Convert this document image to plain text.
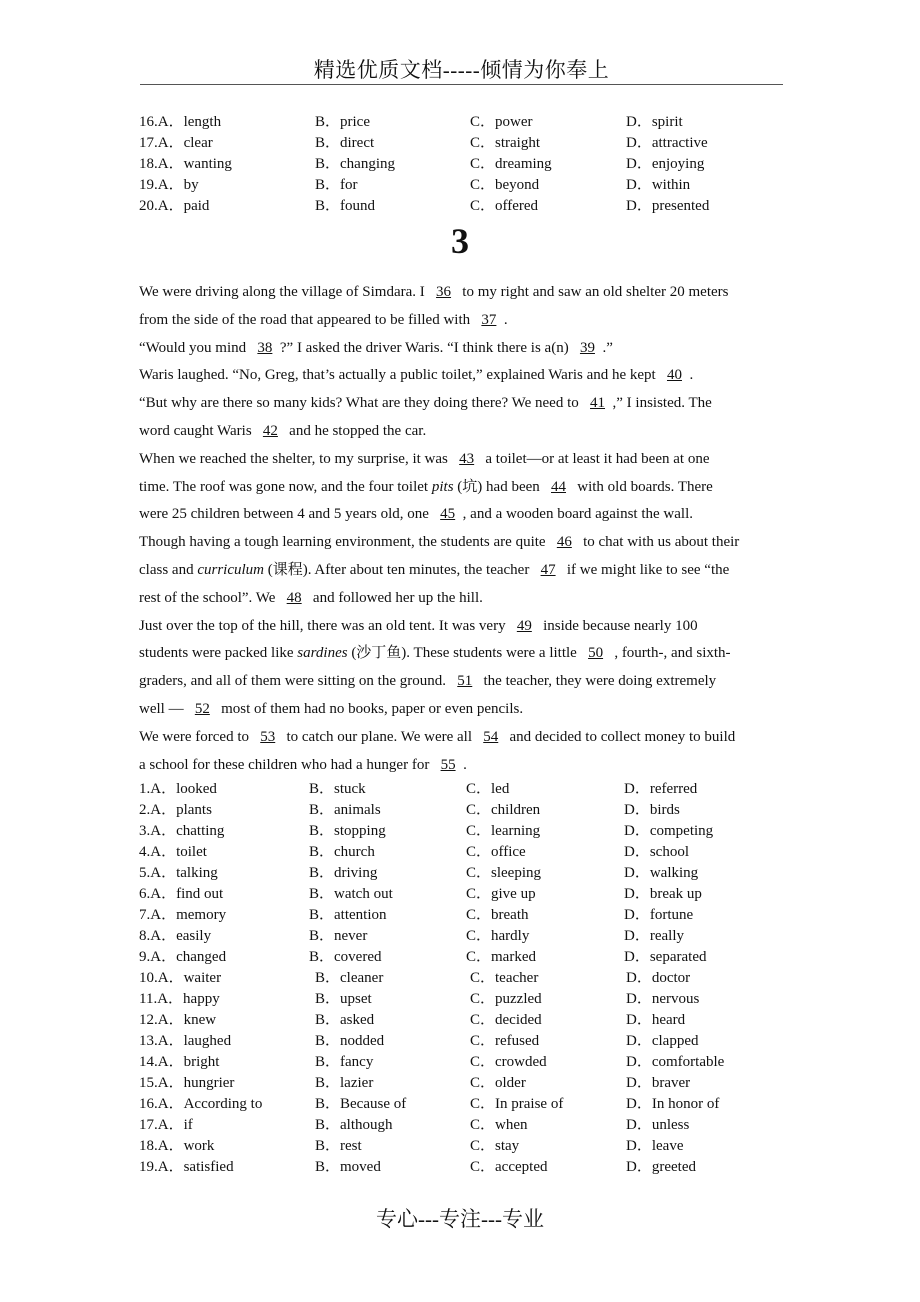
精选优质文档-----倾情为你奉上
16.A．length	B．price	C．power	D．spirit
17.A．clear	B．direct	C．straight	D．attractive
18.A．wanting	B．changing	C．dreaming	D．enjoying
19.A．by	B．for	C．beyond	D．within
20.A．paid	B．found	C．offered	D．presented
3
We were driving along the village of Simdara. I 36 to my right and saw an old shelter 20 meters
from the side of the road that appeared to be filled with 37 .
“Would you mind 38 ?” I asked the driver Waris. “I think there is a(n) 39 .”
Waris laughed. “No, Greg, that’s actually a public toilet,” explained Waris and he kept 40 .
“But why are there so many kids? What are they doing there? We need to 41 ,” I insisted. The
word caught Waris 42 and he stopped the car.
When we reached the shelter, to my surprise, it was 43 a toilet—or at least it had been at one
time. The roof was gone now, and the four toilet pits (坑) had been 44 with old boards. There
were 25 children between 4 and 5 years old, one 45 , and a wooden board against the wall.
Though having a tough learning environment, the students are quite 46 to chat with us about their
class and curriculum (课程). After about ten minutes, the teacher 47 if we might like to see “the
rest of the school”. We 48 and followed her up the hill.
Just over the top of the hill, there was an old tent. It was very 49 inside because nearly 100
students were packed like sardines (沙丁鱼). These students were a little 50 , fourth-, and sixth-
graders, and all of them were sitting on the ground. 51 the teacher, they were doing extremely
well — 52 most of them had no books, paper or even pencils.
We were forced to 53 to catch our plane. We were all 54 and decided to collect money to build
a school for these children who had a hunger for 55 .
1.A．looked	B．stuck	C．led	D．referred
2.A．plants	B．animals	C．children	D．birds
3.A．chatting	B．stopping	C．learning	D．competing
4.A．toilet	B．church	C．office	D．school
5.A．talking	B．driving	C．sleeping	D．walking
6.A．find out	B．watch out	C．give up	D．break up
7.A．memory	B．attention	C．breath	D．fortune
8.A．easily	B．never	C．hardly	D．really
9.A．changed	B．covered	C．marked	D．separated
10.A．waiter	B．cleaner	C．teacher	D．doctor
11.A．happy	B．upset	C．puzzled	D．nervous
12.A．knew	B．asked	C．decided	D．heard
13.A．laughed	B．nodded	C．refused	D．clapped
14.A．bright	B．fancy	C．crowded	D．comfortable
15.A．hungrier	B．lazier	C．older	D．braver
16.A．According to	B．Because of	C．In praise of	D．In honor of
17.A．if	B．although	C．when	D．unless
18.A．work	B．rest	C．stay	D．leave
19.A．satisfied	B．moved	C．accepted	D．greeted
专心---专注---专业
